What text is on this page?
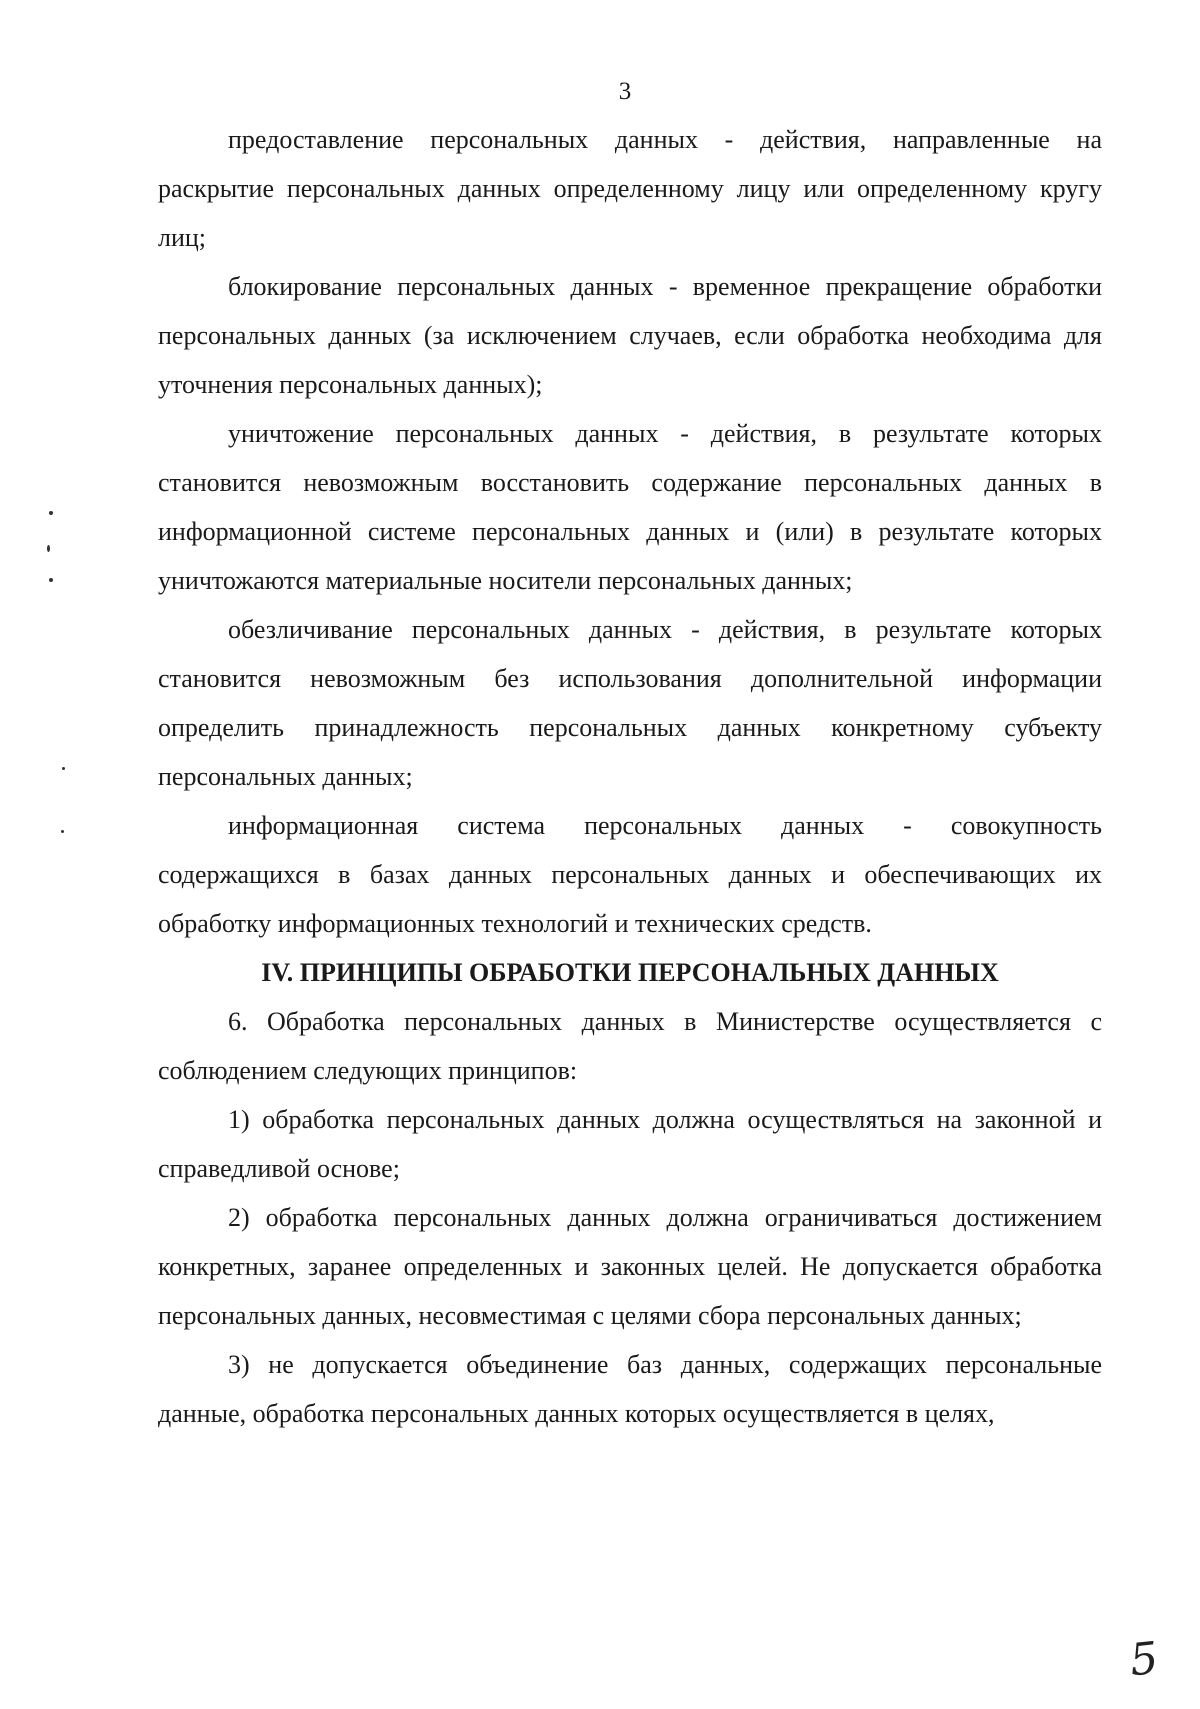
3

предоставление персональных данных - действия, направленные на раскрытие персональных данных определенному лицу или определенному кругу лиц;

блокирование персональных данных - временное прекращение обработки персональных данных (за исключением случаев, если обработка необходима для уточнения персональных данных);

уничтожение персональных данных - действия, в результате которых становится невозможным восстановить содержание персональных данных в информационной системе персональных данных и (или) в результате которых уничтожаются материальные носители персональных данных;

обезличивание персональных данных - действия, в результате которых становится невозможным без использования дополнительной информации определить принадлежность персональных данных конкретному субъекту персональных данных;

информационная система персональных данных - совокупность содержащихся в базах данных персональных данных и обеспечивающих их обработку информационных технологий и технических средств.

IV. ПРИНЦИПЫ ОБРАБОТКИ ПЕРСОНАЛЬНЫХ ДАННЫХ

6. Обработка персональных данных в Министерстве осуществляется с соблюдением следующих принципов:

1) обработка персональных данных должна осуществляться на законной и справедливой основе;

2) обработка персональных данных должна ограничиваться достижением конкретных, заранее определенных и законных целей. Не допускается обработка персональных данных, несовместимая с целями сбора персональных данных;

3) не допускается объединение баз данных, содержащих персональные данные, обработка персональных данных которых осуществляется в целях,

5
